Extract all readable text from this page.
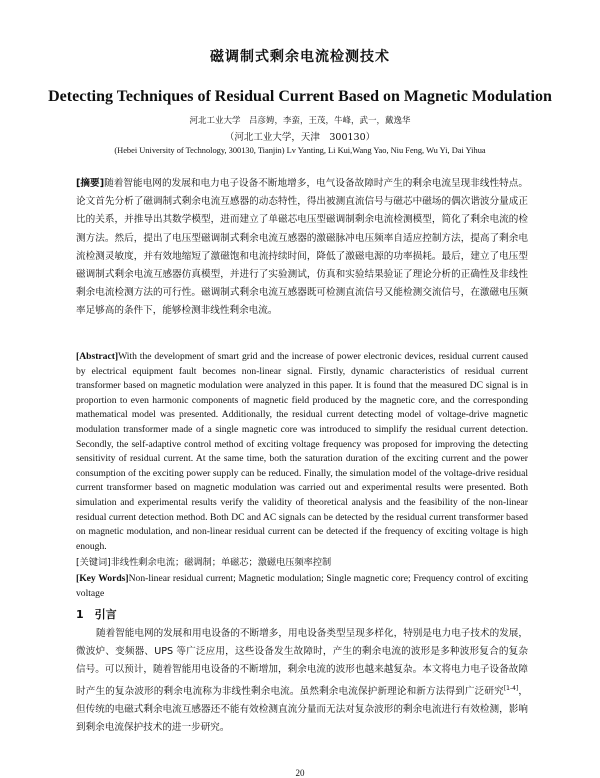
磁调制式剩余电流检测技术
Detecting Techniques of Residual Current Based on Magnetic Modulation
河北工业大学　吕彦娉，李蛮，王茂，牛峰，武一，戴逸华
（河北工业大学，天津　300130）
(Hebei University of Technology, 300130, Tianjin) Lv Yanting, Li Kui,Wang Yao, Niu Feng, Wu Yi, Dai Yihua
[摘要]随着智能电网的发展和电力电子设备不断地增多，电气设备故障时产生的剩余电流呈现非线性特点。论文首先分析了磁调制式剩余电流互感器的动态特性，得出被测直流信号与磁芯中磁场的偶次谐波分量成正比的关系，并推导出其数学模型，进而建立了单磁芯电压型磁调制剩余电流检测模型，简化了剩余电流的检测方法。然后，提出了电压型磁调制式剩余电流互感器的激磁脉冲电压频率自适应控制方法，提高了剩余电流检测灵敏度，并有效地缩短了激磁饱和电流持续时间，降低了激磁电源的功率损耗。最后，建立了电压型磁调制式剩余电流互感器仿真模型，并进行了实验测试，仿真和实验结果验证了理论分析的正确性及非线性剩余电流检测方法的可行性。磁调制式剩余电流互感器既可检测直流信号又能检测交流信号，在激磁电压频率足够高的条件下，能够检测非线性剩余电流。
[Abstract]With the development of smart grid and the increase of power electronic devices, residual current caused by electrical equipment fault becomes non-linear signal. Firstly, dynamic characteristics of residual current transformer based on magnetic modulation were analyzed in this paper. It is found that the measured DC signal is in proportion to even harmonic components of magnetic field produced by the magnetic core, and the corresponding mathematical model was presented. Additionally, the residual current detecting model of voltage-drive magnetic modulation transformer made of a single magnetic core was introduced to simplify the residual current detection. Secondly, the self-adaptive control method of exciting voltage frequency was proposed for improving the detecting sensitivity of residual current. At the same time, both the saturation duration of the exciting current and the power consumption of the exciting power supply can be reduced. Finally, the simulation model of the voltage-drive residual current transformer based on magnetic modulation was carried out and experimental results were presented. Both simulation and experimental results verify the validity of theoretical analysis and the feasibility of the non-linear residual current detection method. Both DC and AC signals can be detected by the residual current transformer based on magnetic modulation, and non-linear residual current can be detected if the frequency of exciting voltage is high enough.
[关键词]非线性剩余电流；磁调制；单磁芯；激磁电压频率控制
[Key Words]Non-linear residual current; Magnetic modulation; Single magnetic core; Frequency control of exciting voltage
1　引言
随着智能电网的发展和用电设备的不断增多，用电设备类型呈现多样化，特别是电力电子技术的发展，微波炉、变频器、UPS 等广泛应用，这些设备发生故障时，产生的剩余电流的波形是多种波形复合的复杂信号。可以预计，随着智能用电设备的不断增加，剩余电流的波形也越来越复杂。本文将电力电子设备故障时产生的复杂波形的剩余电流称为非线性剩余电流。虽然剩余电流保护新理论和新方法得到广泛研究[1-4]，但传统的电磁式剩余电流互感器还不能有效检测直流分量而无法对复杂波形的剩余电流进行有效检测，影响到剩余电流保护技术的进一步研究。
20
